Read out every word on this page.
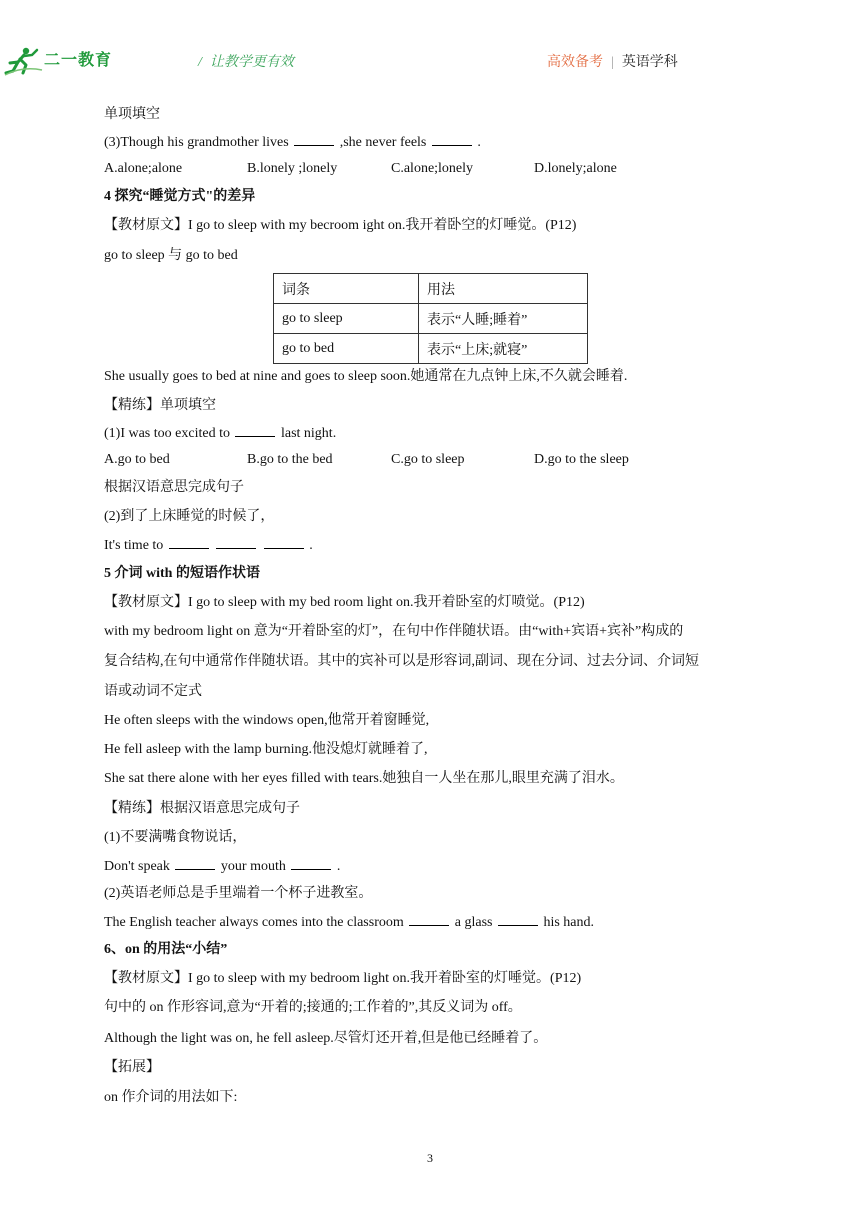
二一教育	/ 让教学更有效	高效备考 | 英语学科
单项填空
(3)Though his grandmother lives	,she never feels	.
A.alone;alone	B.lonely ;lonely	C.alone;lonely	D.lonely;alone
4 探究“睡觉方式"的差异
【教材原文】I go to sleep with my becroom ight on.我开着卧空的灯唾觉。(P12)
go to sleep 与 go to bed
词条	用法
go to sleep	表示“人睡;睡着”
go to bed	表示“上床;就寝”
She usually goes to bed at nine and goes to sleep soon.她通常在九点钟上床,不久就会睡着.
【精练】单项填空
(1)I was too excited to	last night.
A.go to bed	B.go to the bed	C.go to sleep	D.go to the sleep
根据汉语意思完成句子
(2)到了上床睡觉的时候了，
It's time to	.
5 介词 with 的短语作状语
【教材原文】I go to sleep with my bed room light on.我开着卧室的灯喷觉。(P12)
with my bedroom light on 意为“开着卧室的灯”，在句中作伴随状语。由“with+宾语+宾补”构成的
复合结构,在句中通常作伴随状语。其中的宾补可以是形容词,副词、现在分词、过去分词、介词短
语或动词不定式
He often sleeps with the windows open,他常开着窗睡觉,
He fell asleep with the lamp burning.他没熄灯就睡着了,
She sat there alone with her eyes filled with tears.她独自一人坐在那儿,眼里充满了泪水。
【精练】根据汉语意思完成句子
(1)不要满嘴食物说话，
Don't speak	your mouth	.
(2)英语老师总是手里端着一个杯子进教室。
The English teacher always comes into the classroom	a glass	his hand.
6、on 的用法“小结”
【教材原文】I go to sleep with my bedroom light on.我开着卧室的灯唾觉。(P12)
句中的 on 作形容词,意为“开着的;接通的;工作着的”,其反义词为 off。
Although the light was on, he fell asleep.尽管灯还开着,但是他已经睡着了。
【拓展】
on 作介词的用法如下:
3
